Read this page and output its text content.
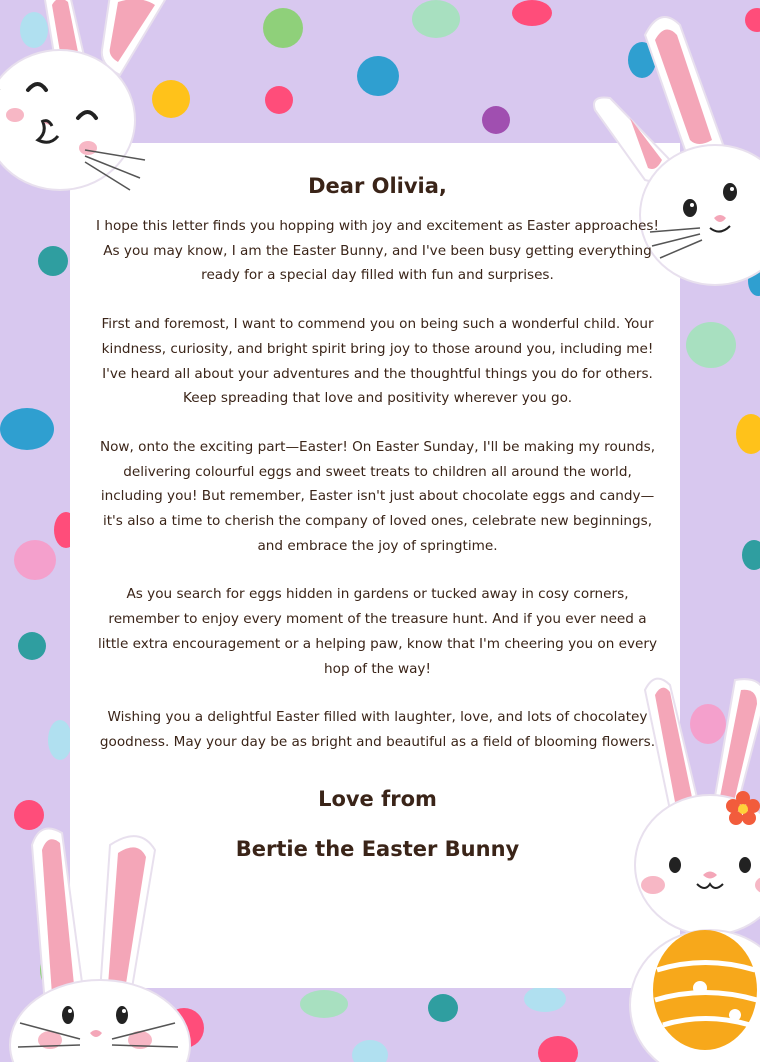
Dear Olivia,

I hope this letter finds you hopping with joy and excitement as Easter approaches! As you may know, I am the Easter Bunny, and I've been busy getting everything ready for a special day filled with fun and surprises.

First and foremost, I want to commend you on being such a wonderful child. Your kindness, curiosity, and bright spirit bring joy to those around you, including me! I've heard all about your adventures and the thoughtful things you do for others. Keep spreading that love and positivity wherever you go.

Now, onto the exciting part—Easter! On Easter Sunday, I'll be making my rounds, delivering colourful eggs and sweet treats to children all around the world, including you! But remember, Easter isn't just about chocolate eggs and candy—it's also a time to cherish the company of loved ones, celebrate new beginnings, and embrace the joy of springtime.

As you search for eggs hidden in gardens or tucked away in cosy corners, remember to enjoy every moment of the treasure hunt. And if you ever need a little extra encouragement or a helping paw, know that I'm cheering you on every hop of the way!

Wishing you a delightful Easter filled with laughter, love, and lots of chocolatey goodness. May your day be as bright and beautiful as a field of blooming flowers.

Love from
Bertie the Easter Bunny
